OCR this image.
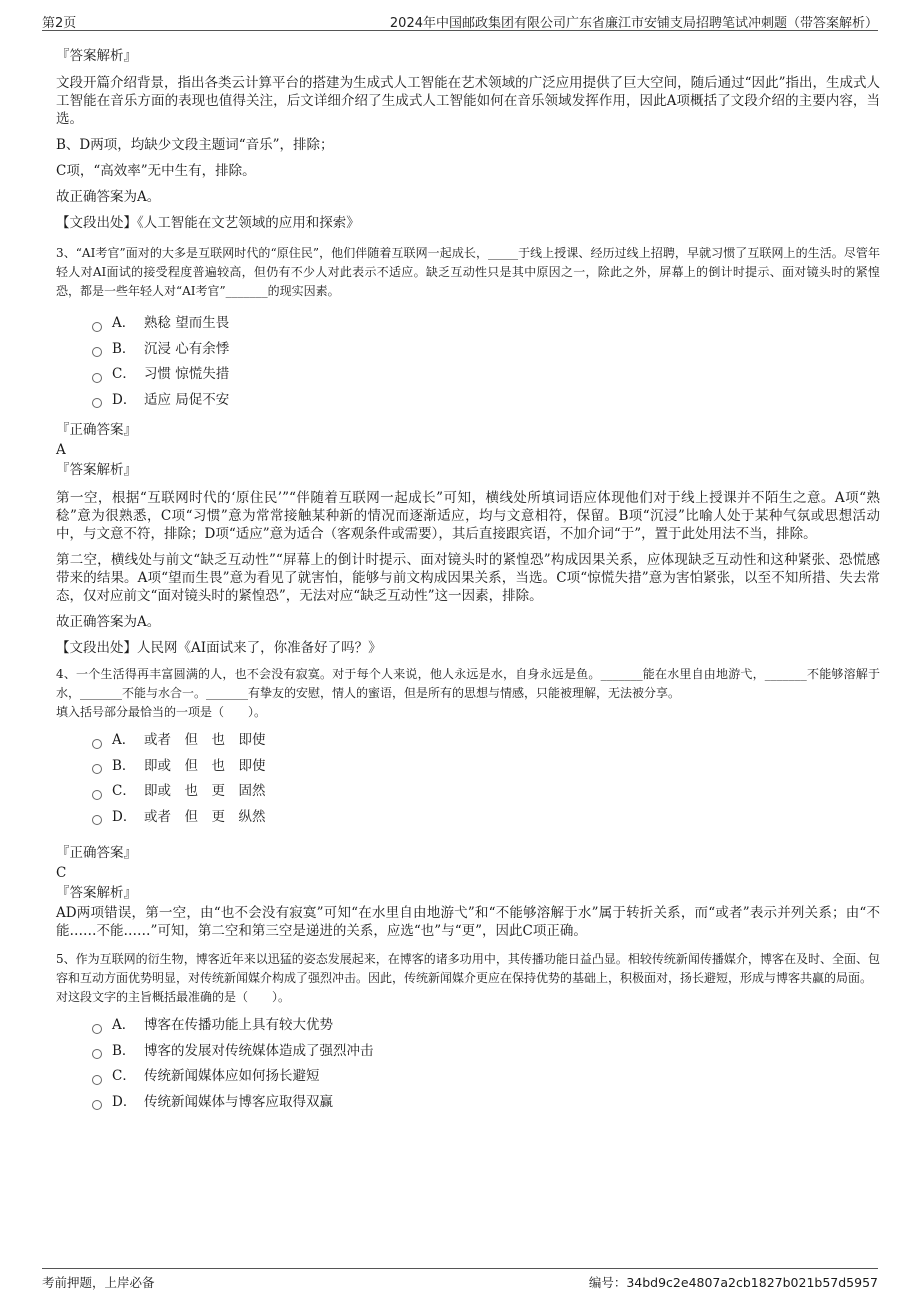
第2页	2024年中国邮政集团有限公司广东省廉江市安铺支局招聘笔试冲刺题（带答案解析）
『答案解析』
文段开篇介绍背景，指出各类云计算平台的搭建为生成式人工智能在艺术领域的广泛应用提供了巨大空间，随后通过“因此”指出，生成式人工智能在音乐方面的表现也值得关注，后文详细介绍了生成式人工智能如何在音乐领域发挥作用，因此A项概括了文段介绍的主要内容，当选。
B、D两项，均缺少文段主题词“音乐”，排除；
C项，“高效率”无中生有，排除。
故正确答案为A。
【文段出处】《人工智能在文艺领域的应用和探索》
3、“AI考官”面对的大多是互联网时代的“原住民”，他们伴随着互联网一起成长，_____于线上授课、经历过线上招聘，早就习惯了互联网上的生活。尽管年轻人对AI面试的接受程度普遍较高，但仍有不少人对此表示不适应。缺乏互动性只是其中原因之一，除此之外，屏幕上的倒计时提示、面对镜头时的紧惶恐，都是一些年轻人对“AI考官”_______的现实因素。
A． 熟稔 望而生畏
B． 沉浸 心有余悸
C． 习惯 惊慌失措
D． 适应 局促不安
『正确答案』
A
『答案解析』
第一空，根据“互联网时代的‘原住民’”“伴随着互联网一起成长”可知，横线处所填词语应体现他们对于线上授课并不陌生之意。A项“熟稔”意为很熟悉，C项“习惯”意为常常接触某种新的情况而逐渐适应，均与文意相符，保留。B项“沉浸”比喻人处于某种气氛或思想活动中，与文意不符，排除；D项“适应”意为适合（客观条件或需要），其后直接跟宾语，不加介词“于”，置于此处用法不当，排除。
第二空，横线处与前文“缺乏互动性”“屏幕上的倒计时提示、面对镜头时的紧惶恐”构成因果关系，应体现缺乏互动性和这种紧张、恐慌感带来的结果。A项“望而生畏”意为看见了就害怕，能够与前文构成因果关系，当选。C项“惊慌失措”意为害怕紧张，以至不知所措、失去常态，仅对应前文“面对镜头时的紧惶恐”，无法对应“缺乏互动性”这一因素，排除。
故正确答案为A。
【文段出处】人民网《AI面试来了，你准备好了吗？》
4、一个生活得再丰富圆满的人，也不会没有寂寞。对于每个人来说，他人永远是水，自身永远是鱼。_______能在水里自由地游弋，_______不能够溶解于水，_______不能与水合一。_______有挚友的安慰，情人的蜜语，但是所有的思想与情感，只能被理解，无法被分享。
填入括号部分最恰当的一项是（　　）。
A． 或者　但　也　即使
B． 即或　但　也　即使
C． 即或　也　更　固然
D． 或者　但　更　纵然
『正确答案』
C
『答案解析』
AD两项错误，第一空，由“也不会没有寂寞”可知“在水里自由地游弋”和“不能够溶解于水”属于转折关系，而“或者”表示并列关系；由“不能……不能……”可知，第二空和第三空是递进的关系，应选“也”与“更”，因此C项正确。
5、作为互联网的衍生物，博客近年来以迅猛的姿态发展起来，在博客的诸多功用中，其传播功能日益凸显。相较传统新闻传播媒介，博客在及时、全面、包容和互动方面优势明显，对传统新闻媒介构成了强烈冲击。因此，传统新闻媒介更应在保持优势的基础上，积极面对，扬长避短，形成与博客共赢的局面。
对这段文字的主旨概括最准确的是（　　）。
A． 博客在传播功能上具有较大优势
B． 博客的发展对传统媒体造成了强烈冲击
C． 传统新闻媒体应如何扬长避短
D． 传统新闻媒体与博客应取得双赢
考前押题，上岸必备	编号：34bd9c2e4807a2cb1827b021b57d5957
